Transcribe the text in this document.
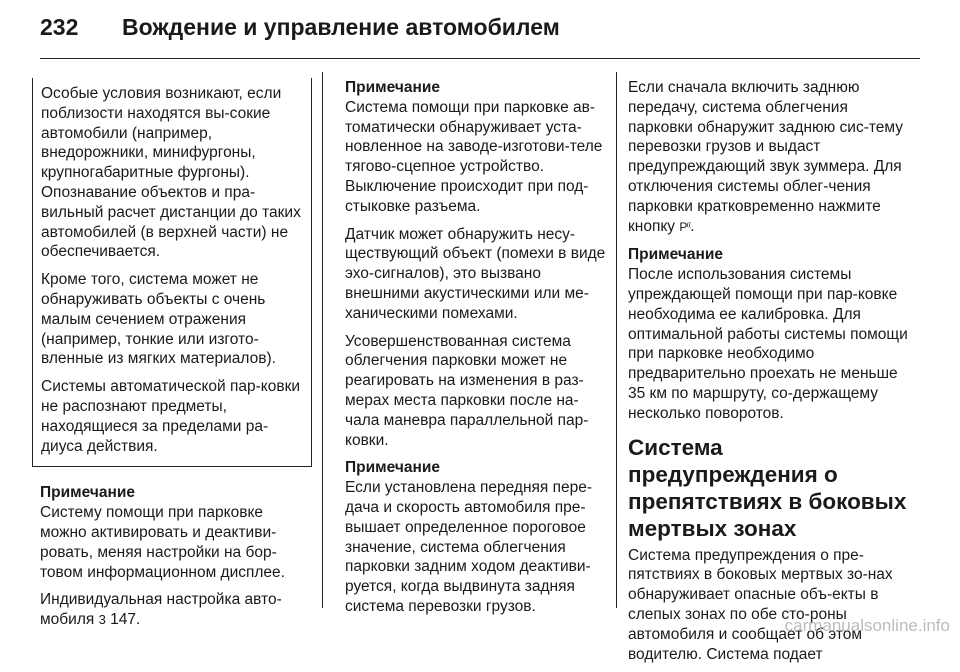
232 Вождение и управление автомобилем

Особые условия возникают, если поблизости находятся вы-сокие автомобили (например, внедорожники, минифургоны, крупногабаритные фургоны). Опознавание объектов и пра-вильный расчет дистанции до таких автомобилей (в верхней части) не обеспечивается.

Кроме того, система может не обнаруживать объекты с очень малым сечением отражения (например, тонкие или изгото-вленные из мягких материалов).

Системы автоматической пар-ковки не распознают предметы, находящиеся за пределами ра-диуса действия.

Примечание

Систему помощи при парковке можно активировать и деактиви-ровать, меняя настройки на бор-товом информационном дисплее.

Индивидуальная настройка авто-мобиля 3 147.

Примечание

Система помощи при парковке ав-томатически обнаруживает уста-новленное на заводе-изготови-теле тягово-сцепное устройство. Выключение происходит при под-стыковке разъема.

Датчик может обнаружить несу-ществующий объект (помехи в виде эхо-сигналов), это вызвано внешними акустическими или ме-ханическими помехами.

Усовершенствованная система облегчения парковки может не реагировать на изменения в раз-мерах места парковки после на-чала маневра параллельной пар-ковки.

Примечание

Если установлена передняя пере-дача и скорость автомобиля пре-вышает определенное пороговое значение, система облегчения парковки задним ходом деактиви-руется, когда выдвинута задняя система перевозки грузов.

Если сначала включить заднюю передачу, система облегчения парковки обнаружит заднюю сис-тему перевозки грузов и выдаст предупреждающий звук зуммера. Для отключения системы облег-чения парковки кратковременно нажмите кнопку P⁽⁽.

Примечание

После использования системы упреждающей помощи при пар-ковке необходима ее калибровка. Для оптимальной работы системы помощи при парковке необходимо предварительно проехать не меньше 35 км по маршруту, со-держащему несколько поворотов.

Система предупреждения о препятствиях в боковых мертвых зонах

Система предупреждения о пре-пятствиях в боковых мертвых зо-нах обнаруживает опасные объ-екты в слепых зонах по обе сто-роны автомобиля и сообщает об этом водителю. Система подает

carmanualsonline.info
